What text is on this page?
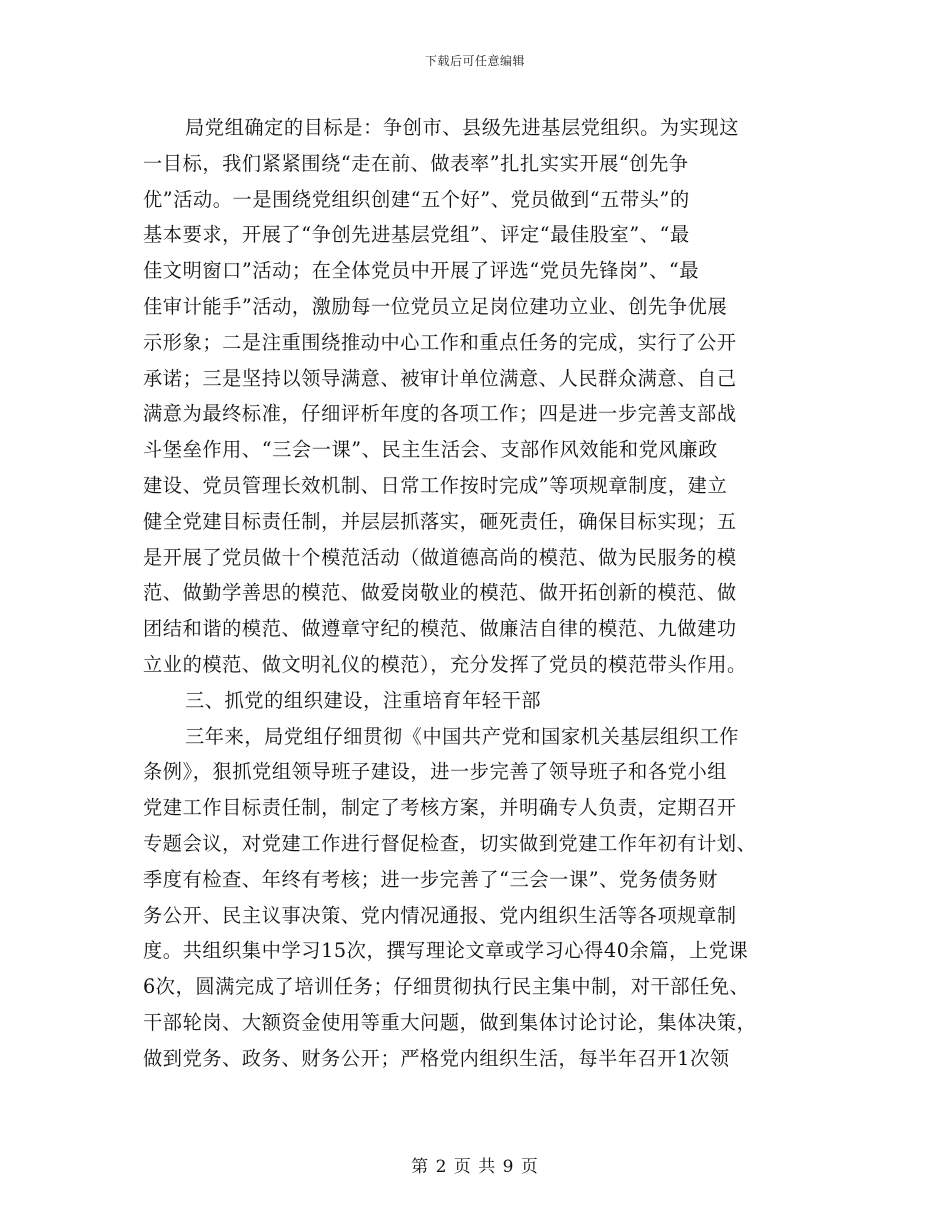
下载后可任意编辑
局党组确定的目标是：争创市、县级先进基层党组织。为实现这
一目标，我们紧紧围绕“走在前、做表率”扎扎实实开展“创先争
优”活动。一是围绕党组织创建“五个好”、党员做到“五带头”的
基本要求，开展了“争创先进基层党组”、评定“最佳股室”、“最
佳文明窗口”活动；在全体党员中开展了评选“党员先锋岗”、“最
佳审计能手”活动，激励每一位党员立足岗位建功立业、创先争优展
示形象；二是注重围绕推动中心工作和重点任务的完成，实行了公开
承诺；三是坚持以领导满意、被审计单位满意、人民群众满意、自己
满意为最终标准，仔细评析年度的各项工作；四是进一步完善支部战
斗堡垒作用、“三会一课”、民主生活会、支部作风效能和党风廉政
建设、党员管理长效机制、日常工作按时完成”等项规章制度，建立
健全党建目标责任制，并层层抓落实，砸死责任，确保目标实现；五
是开展了党员做十个模范活动（做道德高尚的模范、做为民服务的模
范、做勤学善思的模范、做爱岗敬业的模范、做开拓创新的模范、做
团结和谐的模范、做遵章守纪的模范、做廉洁自律的模范、九做建功
立业的模范、做文明礼仪的模范），充分发挥了党员的模范带头作用。
三、抓党的组织建设，注重培育年轻干部
三年来，局党组仔细贯彻《中国共产党和国家机关基层组织工作
条例》，狠抓党组领导班子建设，进一步完善了领导班子和各党小组
党建工作目标责任制，制定了考核方案，并明确专人负责，定期召开
专题会议，对党建工作进行督促检查，切实做到党建工作年初有计划、
季度有检查、年终有考核；进一步完善了“三会一课”、党务债务财
务公开、民主议事决策、党内情况通报、党内组织生活等各项规章制
度。共组织集中学习15次，撰写理论文章或学习心得40余篇，上党课
6次，圆满完成了培训任务；仔细贯彻执行民主集中制，对干部任免、
干部轮岗、大额资金使用等重大问题，做到集体讨论讨论，集体决策，
做到党务、政务、财务公开；严格党内组织生活，每半年召开1次领
第 2 页 共 9 页
